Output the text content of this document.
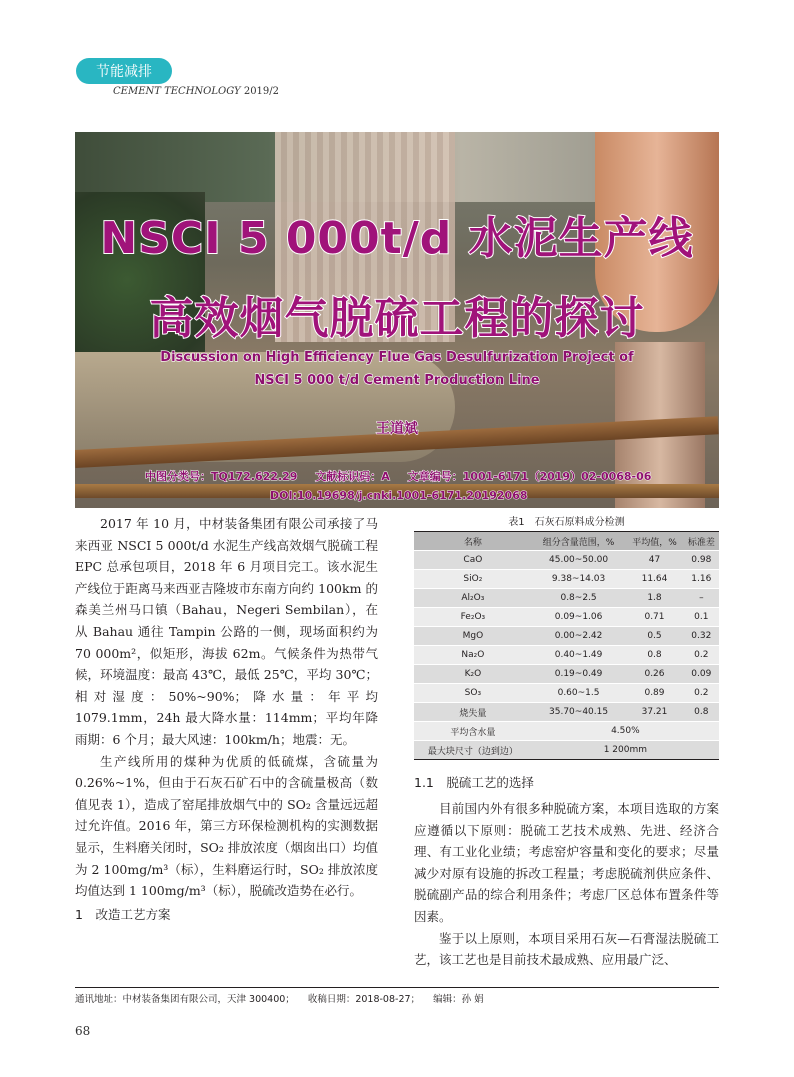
节能减排
CEMENT TECHNOLOGY 2019/2
NSCI 5 000t/d 水泥生产线
高效烟气脱硫工程的探讨
Discussion on High Efficiency Flue Gas Desulfurization Project of
NSCI 5 000 t/d Cement Production Line
王道斌
中图分类号：TQ172.622.29 文献标识码：A 文章编号：1001-6171（2019）02-0068-06
DOI:10.19698/j.cnki.1001-6171.20192068

2017 年 10 月，中材装备集团有限公司承接了马来西亚 NSCI 5 000t/d 水泥生产线高效烟气脱硫工程 EPC 总承包项目，2018 年 6 月项目完工。该水泥生产线位于距离马来西亚吉隆坡市东南方向约 100km 的森美兰州马口镇（Bahau，Negeri Sembilan），在从 Bahau 通往 Tampin 公路的一侧，现场面积约为 70 000m²，似矩形，海拔 62m。气候条件为热带气候，环境温度：最高 43℃，最低 25℃，平均 30℃；相对湿度：50%~90%；降水量：年平均 1079.1mm，24h 最大降水量：114mm；平均年降雨期：6 个月；最大风速：100km/h；地震：无。

生产线所用的煤种为优质的低硫煤，含硫量为 0.26%~1%，但由于石灰石矿石中的含硫量极高（数值见表 1），造成了窑尾排放烟气中的 SO₂ 含量远远超过允许值。2016 年，第三方环保检测机构的实测数据显示，生料磨关闭时，SO₂ 排放浓度（烟囱出口）均值为 2 100mg/m³（标），生料磨运行时，SO₂ 排放浓度均值达到 1 100mg/m³（标），脱硫改造势在必行。

1　改造工艺方案
表1　石灰石原料成分检测
名称	组分含量范围，%	平均值，%	标准差
CaO	45.00~50.00	47	0.98
SiO₂	9.38~14.03	11.64	1.16
Al₂O₃	0.8~2.5	1.8	–
Fe₂O₃	0.09~1.06	0.71	0.1
MgO	0.00~2.42	0.5	0.32
Na₂O	0.40~1.49	0.8	0.2
K₂O	0.19~0.49	0.26	0.09
SO₃	0.60~1.5	0.89	0.2
烧失量	35.70~40.15	37.21	0.8
平均含水量	4.50%		
最大块尺寸（边到边）	1 200mm		
1.1　脱硫工艺的选择

目前国内外有很多种脱硫方案，本项目选取的方案应遵循以下原则：脱硫工艺技术成熟、先进、经济合理、有工业化业绩；考虑窑炉容量和变化的要求；尽量减少对原有设施的拆改工程量；考虑脱硫剂供应条件、脱硫副产品的综合利用条件；考虑厂区总体布置条件等因素。

鉴于以上原则，本项目采用石灰—石膏湿法脱硫工艺，该工艺也是目前技术最成熟、应用最广泛、

通讯地址：中材装备集团有限公司，天津 300400； 收稿日期：2018-08-27； 编辑：孙 娟
68
